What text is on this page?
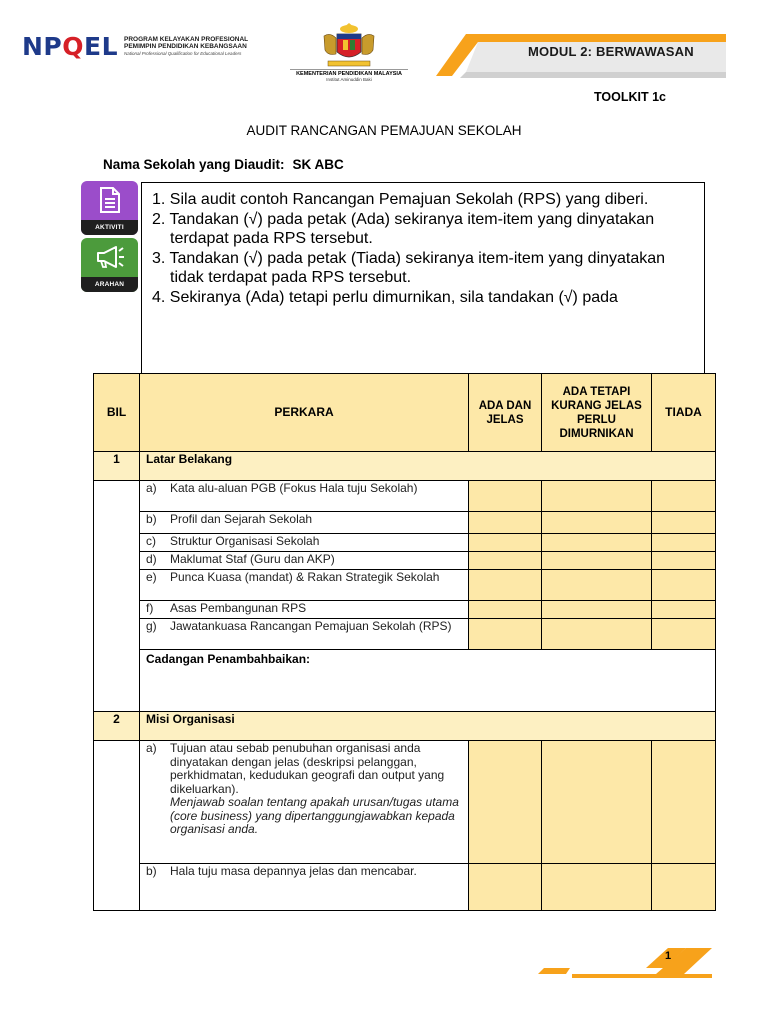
NPQEL PROGRAM KELAYAKAN PROFESIONAL
PEMIMPIN PENDIDIKAN KEBANGSAAN
National Professional Qualification for Educational Leaders
KEMENTERIAN PENDIDIKAN MALAYSIA
Institut Aminuddin Baki
MODUL 2: BERWAWASAN
TOOLKIT 1c
AUDIT RANCANGAN PEMAJUAN SEKOLAH
Nama Sekolah yang Diaudit: SK ABC
AKTIVITI
ARAHAN

1. Sila audit contoh Rancangan Pemajuan Sekolah (RPS) yang diberi.

2. Tandakan (√) pada petak (Ada) sekiranya item-item yang dinyatakan

terdapat pada RPS tersebut.

3. Tandakan (√) pada petak (Tiada) sekiranya item-item yang dinyatakan

tidak terdapat pada RPS tersebut.

4. Sekiranya (Ada) tetapi perlu dimurnikan, sila tandakan (√) pada

BIL	PERKARA	ADA DAN JELAS	ADA TETAPI KURANG JELAS PERLU DIMURNIKAN	TIADA
1	Latar Belakang			

	a) Kata alu-aluan PGB (Fokus Hala tuju Sekolah)			

	b) Profil dan Sejarah Sekolah			

	c) Struktur Organisasi Sekolah			

	d) Maklumat Staf (Guru dan AKP)			

	e) Punca Kuasa (mandat) & Rakan Strategik Sekolah			

	f) Asas Pembangunan RPS			

	g) Jawatankuasa Rancangan Pemajuan Sekolah (RPS)			

	Cadangan Penambahbaikan:			
2	Misi Organisasi			

	a) Tujuan atau sebab penubuhan organisasi anda dinyatakan dengan jelas (deskripsi pelanggan, perkhidmatan, kedudukan geografi dan output yang dikeluarkan).
Menjawab soalan tentang apakah urusan/tugas utama (core business) yang dipertanggungjawabkan kepada organisasi anda.			

	b) Hala tuju masa depannya jelas dan mencabar.			

1
